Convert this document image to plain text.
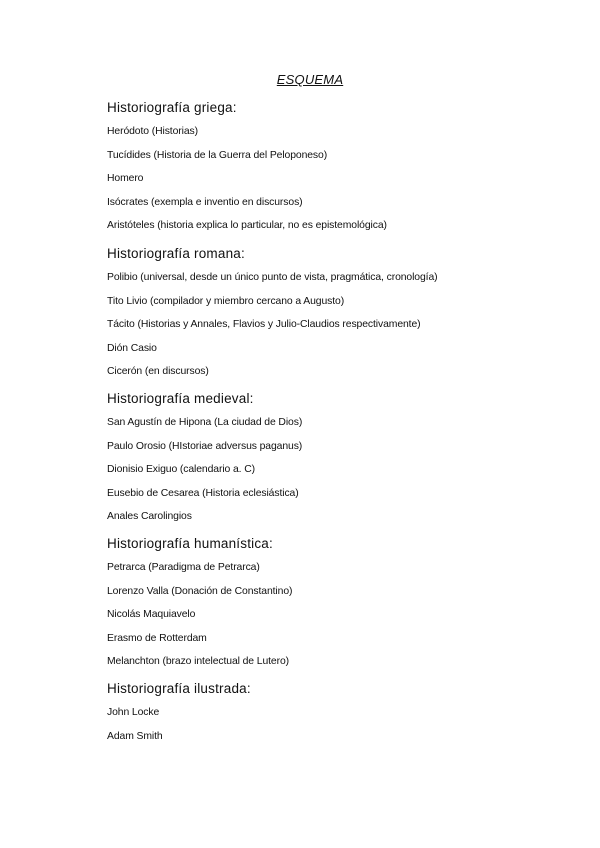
ESQUEMA
Historiografía griega:
Heródoto (Historias)
Tucídides (Historia de la Guerra del Peloponeso)
Homero
Isócrates (exempla e inventio en discursos)
Aristóteles (historia explica lo particular, no es epistemológica)
Historiografía romana:
Polibio (universal, desde un único punto de vista, pragmática, cronología)
Tito Livio (compilador y miembro cercano a Augusto)
Tácito (Historias y Annales, Flavios y Julio-Claudios respectivamente)
Dión Casio
Cicerón (en discursos)
Historiografía medieval:
San Agustín de Hipona (La ciudad de Dios)
Paulo Orosio (HIstoriae adversus paganus)
Dionisio Exiguo (calendario a. C)
Eusebio de Cesarea (Historia eclesiástica)
Anales Carolingios
Historiografía humanística:
Petrarca (Paradigma de Petrarca)
Lorenzo Valla (Donación de Constantino)
Nicolás Maquiavelo
Erasmo de Rotterdam
Melanchton (brazo intelectual de Lutero)
Historiografía ilustrada:
John Locke
Adam Smith
